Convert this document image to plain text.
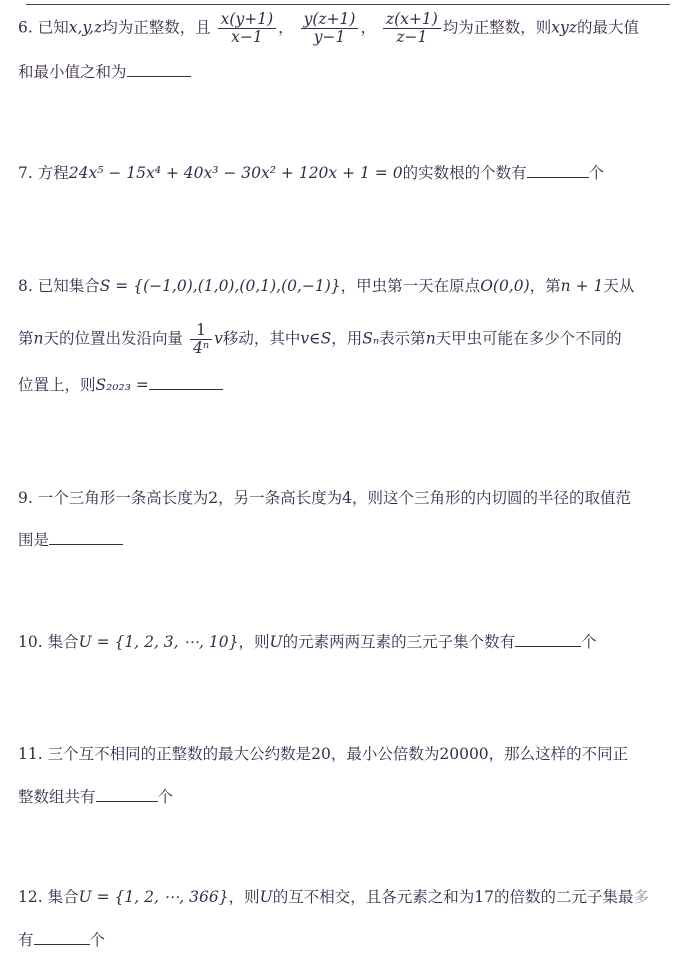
6. 已知x,y,z均为正整数，且 $\frac{x(y+1)}{x-1}$ ， $\frac{y(z+1)}{y-1}$ ， $\frac{z(x+1)}{z-1}$ 均为正整数，则xyz的最大值
和最小值之和为
7. 方程24x⁵ − 15x⁴ + 40x³ − 30x² + 120x + 1 = 0的实数根的个数有	个
8. 已知集合S = {(−1,0),(1,0),(0,1),(0,−1)}，甲虫第一天在原点O(0,0)，第n + 1天从
第n天的位置出发沿向量 $\frac{1}{\text{4ⁿ}}$ v移动，其中v∈S，用Sₙ表示第n天甲虫可能在多少个不同的
位置上，则S₂₀₂₃ =
9. 一个三角形一条高长度为2，另一条高长度为4，则这个三角形的内切圆的半径的取值范
围是
10. 集合U = {1, 2, 3, ⋯, 10}，则U的元素两两互素的三元子集个数有	个
11. 三个互不相同的正整数的最大公约数是20，最小公倍数为20000，那么这样的不同正
整数组共有	个
12. 集合U = {1, 2, ⋯, 366}，则U的互不相交，且各元素之和为17的倍数的二元子集最多
有	个
